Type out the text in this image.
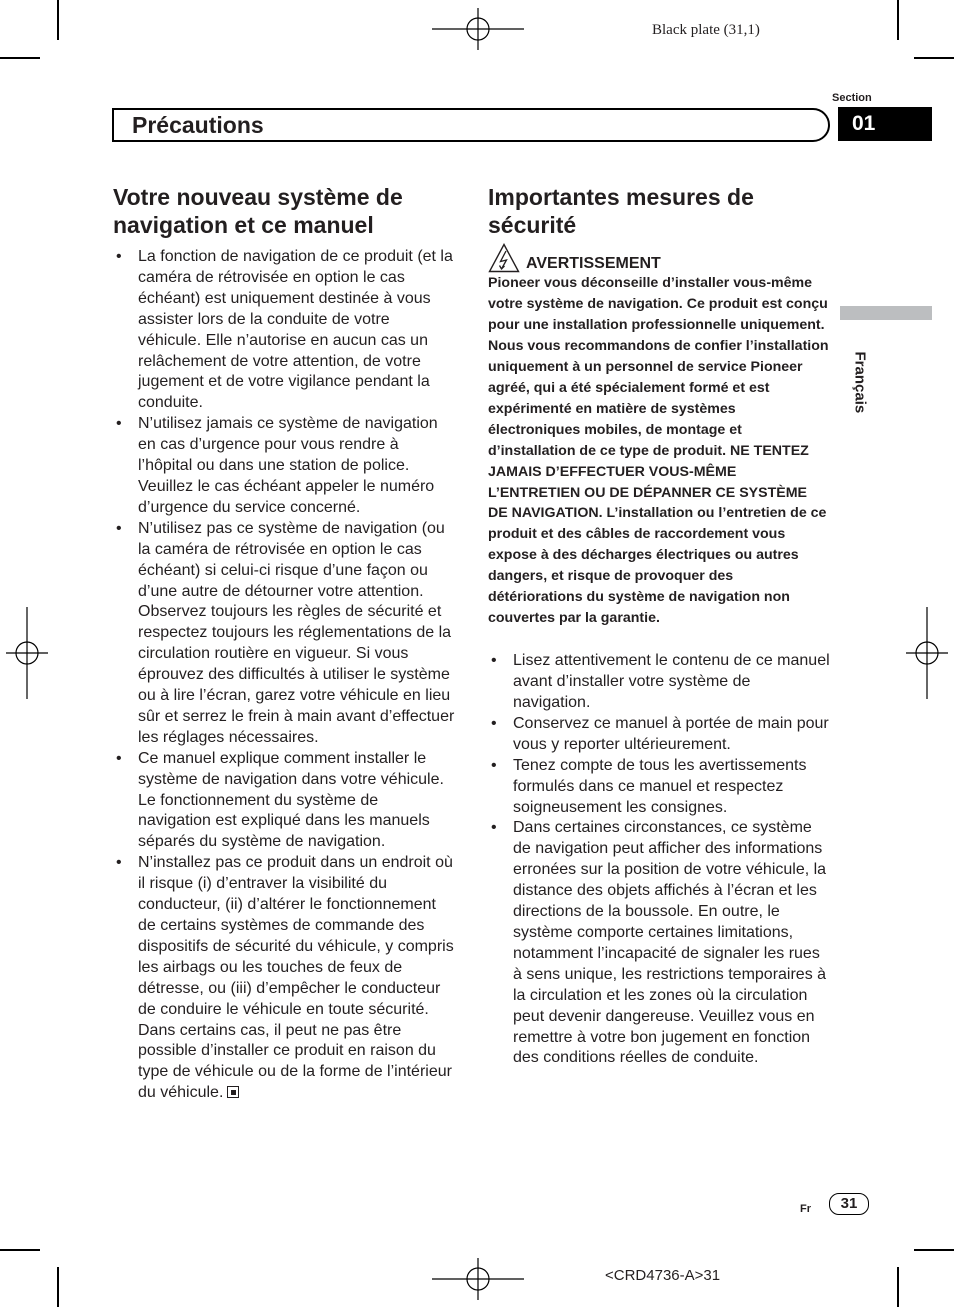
Black plate (31,1)
Section
01
Précautions
Français
Votre nouveau système de navigation et ce manuel
• La fonction de navigation de ce produit (et la caméra de rétrovisée en option le cas échéant) est uniquement destinée à vous assister lors de la conduite de votre véhicule. Elle n’autorise en aucun cas un relâchement de votre attention, de votre jugement et de votre vigilance pendant la conduite.
• N’utilisez jamais ce système de navigation en cas d’urgence pour vous rendre à l’hôpital ou dans une station de police. Veuillez le cas échéant appeler le numéro d’urgence du service concerné.
• N’utilisez pas ce système de navigation (ou la caméra de rétrovisée en option le cas échéant) si celui-ci risque d’une façon ou d’une autre de détourner votre attention. Observez toujours les règles de sécurité et respectez toujours les réglementations de la circulation routière en vigueur. Si vous éprouvez des difficultés à utiliser le système ou à lire l’écran, garez votre véhicule en lieu sûr et serrez le frein à main avant d’effectuer les réglages nécessaires.
• Ce manuel explique comment installer le système de navigation dans votre véhicule. Le fonctionnement du système de navigation est expliqué dans les manuels séparés du système de navigation.
• N’installez pas ce produit dans un endroit où il risque (i) d’entraver la visibilité du conducteur, (ii) d’altérer le fonctionnement de certains systèmes de commande des dispositifs de sécurité du véhicule, y compris les airbags ou les touches de feux de détresse, ou (iii) d’empêcher le conducteur de conduire le véhicule en toute sécurité. Dans certains cas, il peut ne pas être possible d’installer ce produit en raison du type de véhicule ou de la forme de l’intérieur du véhicule.
Importantes mesures de sécurité
AVERTISSEMENT
Pioneer vous déconseille d’installer vous-même votre système de navigation. Ce produit est conçu pour une installation professionnelle uniquement. Nous vous recommandons de confier l’installation uniquement à un personnel de service Pioneer agréé, qui a été spécialement formé et est expérimenté en matière de systèmes électroniques mobiles, de montage et d’installation de ce type de produit. NE TENTEZ JAMAIS D’EFFECTUER VOUS-MÊME L’ENTRETIEN OU DE DÉPANNER CE SYSTÈME DE NAVIGATION. L’installation ou l’entretien de ce produit et des câbles de raccordement vous expose à des décharges électriques ou autres dangers, et risque de provoquer des détériorations du système de navigation non couvertes par la garantie.
• Lisez attentivement le contenu de ce manuel avant d’installer votre système de navigation.
• Conservez ce manuel à portée de main pour vous y reporter ultérieurement.
• Tenez compte de tous les avertissements formulés dans ce manuel et respectez soigneusement les consignes.
• Dans certaines circonstances, ce système de navigation peut afficher des informations erronées sur la position de votre véhicule, la distance des objets affichés à l’écran et les directions de la boussole. En outre, le système comporte certaines limitations, notamment l’incapacité de signaler les rues à sens unique, les restrictions temporaires à la circulation et les zones où la circulation peut devenir dangereuse. Veuillez vous en remettre à votre bon jugement en fonction des conditions réelles de conduite.
Fr	31
<CRD4736-A>31
